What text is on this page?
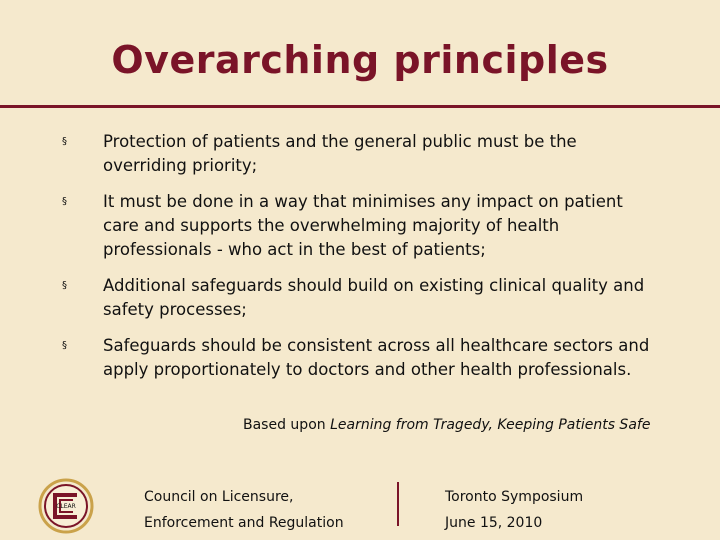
Overarching principles
§ Protection of patients and the general public must be the overriding priority;
§ It must be done in a way that minimises any impact on patient care and supports the overwhelming majority of health professionals - who act in the best of patients;
§ Additional safeguards should build on existing clinical quality and safety processes;
§ Safeguards should be consistent across all healthcare sectors and apply proportionately to doctors and other health professionals.
Based upon Learning from Tragedy, Keeping Patients Safe
CLEAR
Council on Licensure,
Enforcement and Regulation
Toronto Symposium
June 15, 2010
